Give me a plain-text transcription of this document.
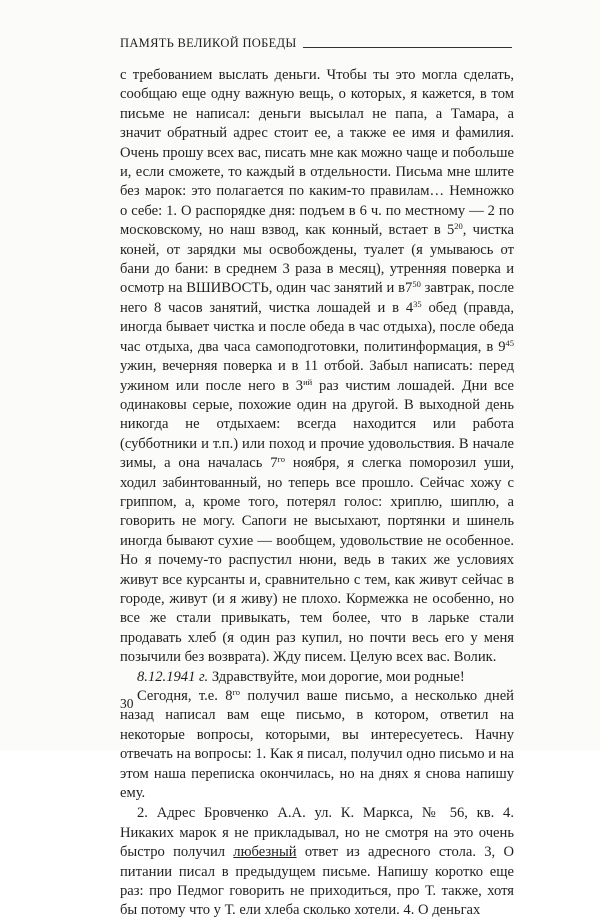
ПАМЯТЬ ВЕЛИКОЙ ПОБЕДЫ

с требованием выслать деньги. Чтобы ты это могла сделать, сообщаю еще одну важную вещь, о которых, я кажется, в том письме не написал: деньги высылал не папа, а Тамара, а значит обратный адрес стоит ее, а также ее имя и фамилия. Очень прошу всех вас, писать мне как можно чаще и побольше и, если сможете, то каждый в отдельности. Письма мне шлите без марок: это полагается по каким-то правилам… Немножко о себе: 1. О распорядке дня: подъем в 6 ч. по местному — 2 по московскому, но наш взвод, как конный, встает в $5^{20}$, чистка коней, от зарядки мы освобождены, туалет (я умываюсь от бани до бани: в среднем 3 раза в месяц), утренняя поверка и осмотр на ВШИВОСТЬ, один час занятий и $в7^{50}$ завтрак, после него 8 часов занятий, чистка лошадей и в $4^{35}$ обед (правда, иногда бывает чистка и после обеда в час отдыха), после обеда час отдыха, два часа самоподготовки, политинформация, в $9^{45}$ ужин, вечерняя поверка и в 11 отбой. Забыл написать: перед ужином или после него в $3^{ий}$ раз чистим лошадей. Дни все одинаковы серые, похожие один на другой. В выходной день никогда не отдыхаем: всегда находится или работа (субботники и т.п.) или поход и прочие удовольствия. В начале зимы, а она началась $7^{го}$ ноября, я слегка поморозил уши, ходил забинтованный, но теперь все прошло. Сейчас хожу с гриппом, а, кроме того, потерял голос: хриплю, шиплю, а говорить не могу. Сапоги не высыхают, портянки и шинель иногда бывают сухие — вообщем, удовольствие не особенное. Но я почему-то распустил нюни, ведь в таких же условиях живут все курсанты и, сравнительно с тем, как живут сейчас в городе, живут (и я живу) не плохо. Кормежка не особенно, но все же стали привыкать, тем более, что в ларьке стали продавать хлеб (я один раз купил, но почти весь его у меня позычили без возврата). Жду писем. Целую всех вас. Волик.

8.12.1941 г. Здравствуйте, мои дорогие, мои родные!

Сегодня, т.е. $8^{го}$ получил ваше письмо, а несколько дней назад написал вам еще письмо, в котором, ответил на некоторые вопросы, которыми, вы интересуетесь. Начну отвечать на вопросы: 1. Как я писал, получил одно письмо и на этом наша переписка окончилась, но на днях я снова напишу ему.

2. Адрес Бровченко А.А. ул. К. Маркса, № 56, кв. 4. Никаких марок я не прикладывал, но не смотря на это очень быстро получил любезный ответ из адресного стола. 3, О питании писал в предыдущем письме. Напишу коротко еще раз: про Педмог говорить не приходиться, про Т. также, хотя бы потому что у Т. ели хлеба сколько хотели. 4. О деньгах

30
